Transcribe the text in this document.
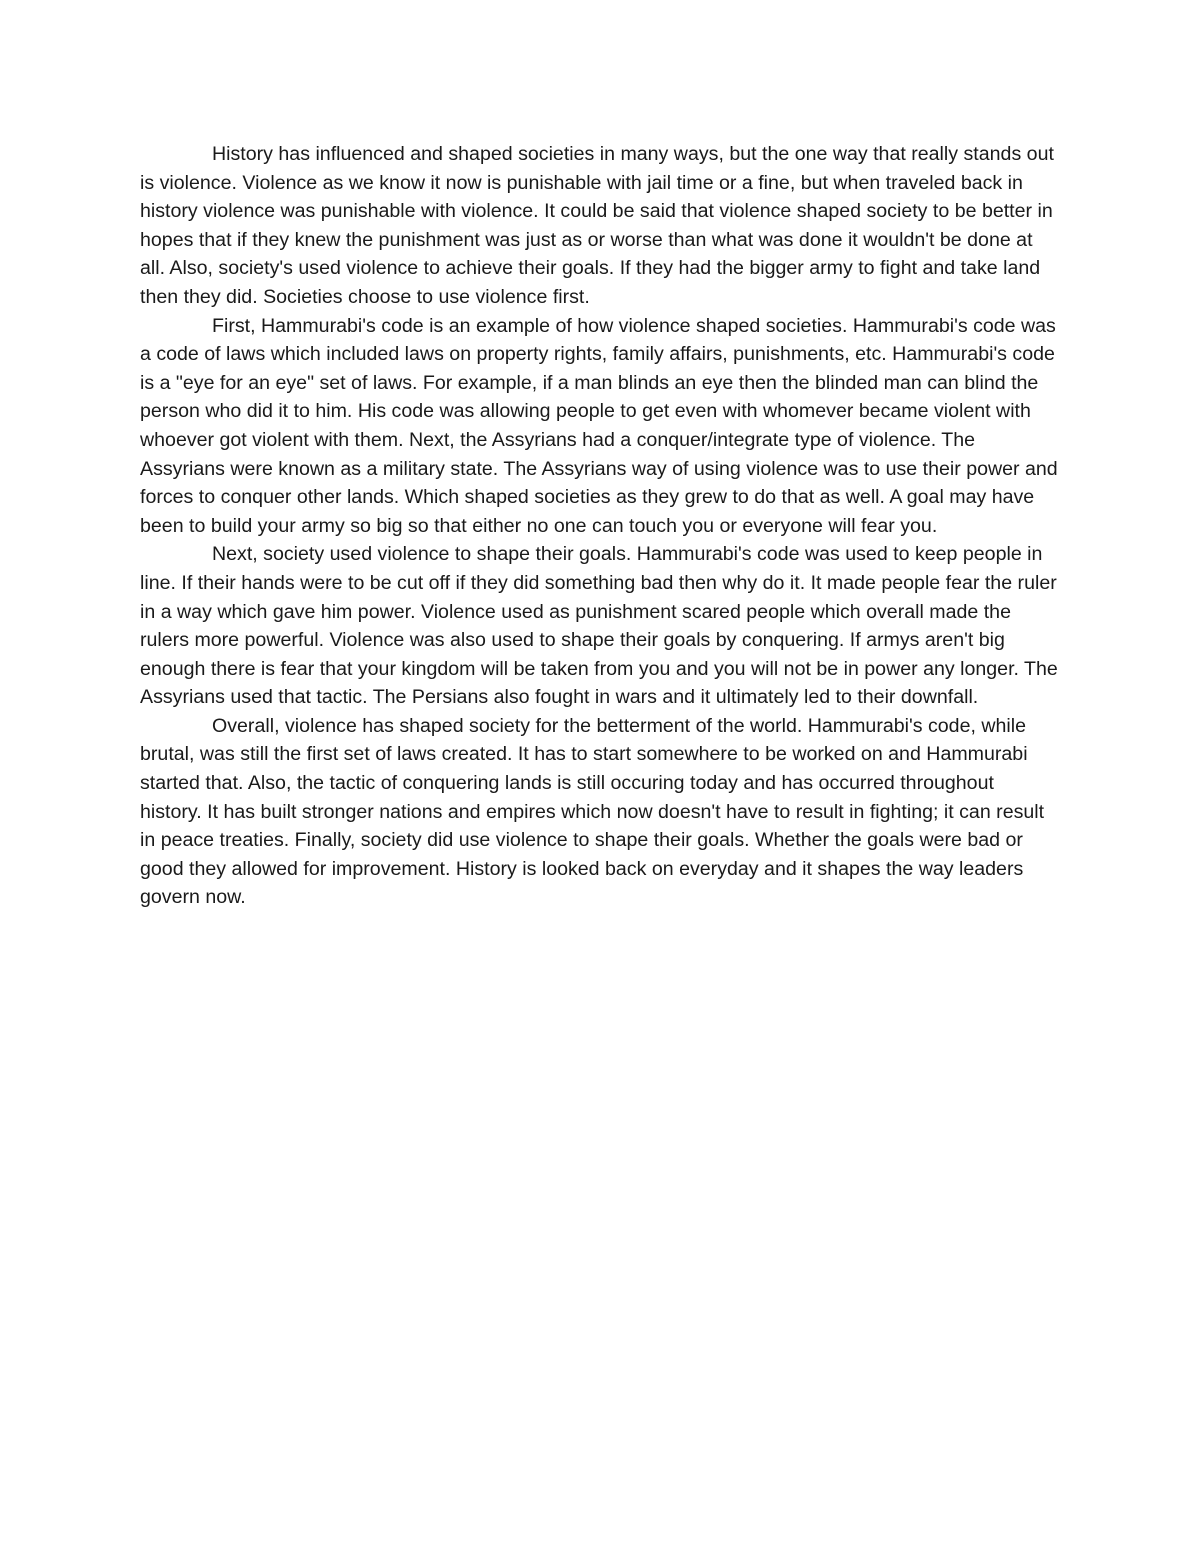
History has influenced and shaped societies in many ways, but the one way that really stands out is violence. Violence as we know it now is punishable with jail time or a fine, but when traveled back in history violence was punishable with violence. It could be said that violence shaped society to be better in hopes that if they knew the punishment was just as or worse than what was done it wouldn't be done at all. Also, society's used violence to achieve their goals. If they had the bigger army to fight and take land then they did. Societies choose to use violence first.

First, Hammurabi's code is an example of how violence shaped societies. Hammurabi's code was a code of laws which included laws on property rights, family affairs, punishments, etc. Hammurabi's code is a "eye for an eye" set of laws. For example, if a man blinds an eye then the blinded man can blind the person who did it to him. His code was allowing people to get even with whomever became violent with whoever got violent with them. Next, the Assyrians had a conquer/integrate type of violence. The Assyrians were known as a military state. The Assyrians way of using violence was to use their power and forces to conquer other lands. Which shaped societies as they grew to do that as well. A goal may have been to build your army so big so that either no one can touch you or everyone will fear you.

Next, society used violence to shape their goals. Hammurabi's code was used to keep people in line. If their hands were to be cut off if they did something bad then why do it. It made people fear the ruler in a way which gave him power. Violence used as punishment scared people which overall made the rulers more powerful. Violence was also used to shape their goals by conquering. If armys aren't big enough there is fear that your kingdom will be taken from you and you will not be in power any longer. The Assyrians used that tactic. The Persians also fought in wars and it ultimately led to their downfall.

Overall, violence has shaped society for the betterment of the world. Hammurabi's code, while brutal, was still the first set of laws created. It has to start somewhere to be worked on and Hammurabi started that. Also, the tactic of conquering lands is still occuring today and has occurred throughout history. It has built stronger nations and empires which now doesn't have to result in fighting; it can result in peace treaties. Finally, society did use violence to shape their goals. Whether the goals were bad or good they allowed for improvement. History is looked back on everyday and it shapes the way leaders govern now.
